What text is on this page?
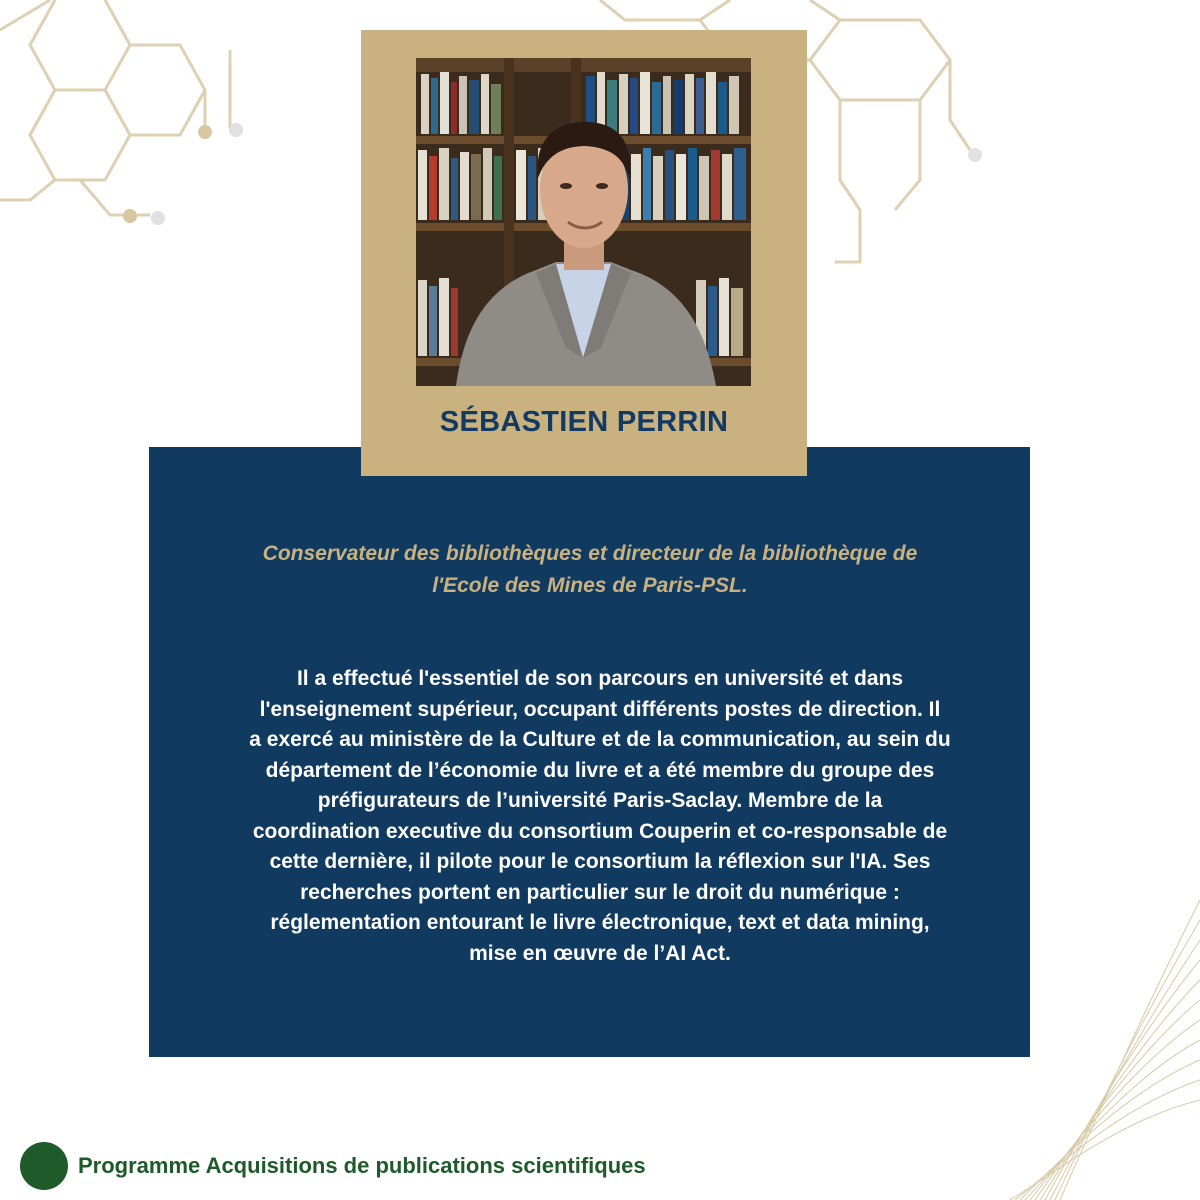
SÉBASTIEN PERRIN
Conservateur des bibliothèques et directeur de la bibliothèque de
l'Ecole des Mines de Paris-PSL.
Il a effectué l'essentiel de son parcours en université et dans
l'enseignement supérieur, occupant différents postes de direction. Il
a exercé au ministère de la Culture et de la communication, au sein du
département de l’économie du livre et a été membre du groupe des
préfigurateurs de l’université Paris-Saclay. Membre de la
coordination executive du consortium Couperin et co-responsable de
cette dernière, il pilote pour le consortium la réflexion sur l'IA. Ses
recherches portent en particulier sur le droit du numérique :
réglementation entourant le livre électronique, text et data mining,
mise en œuvre de l’AI Act.
Programme Acquisitions de publications scientifiques
